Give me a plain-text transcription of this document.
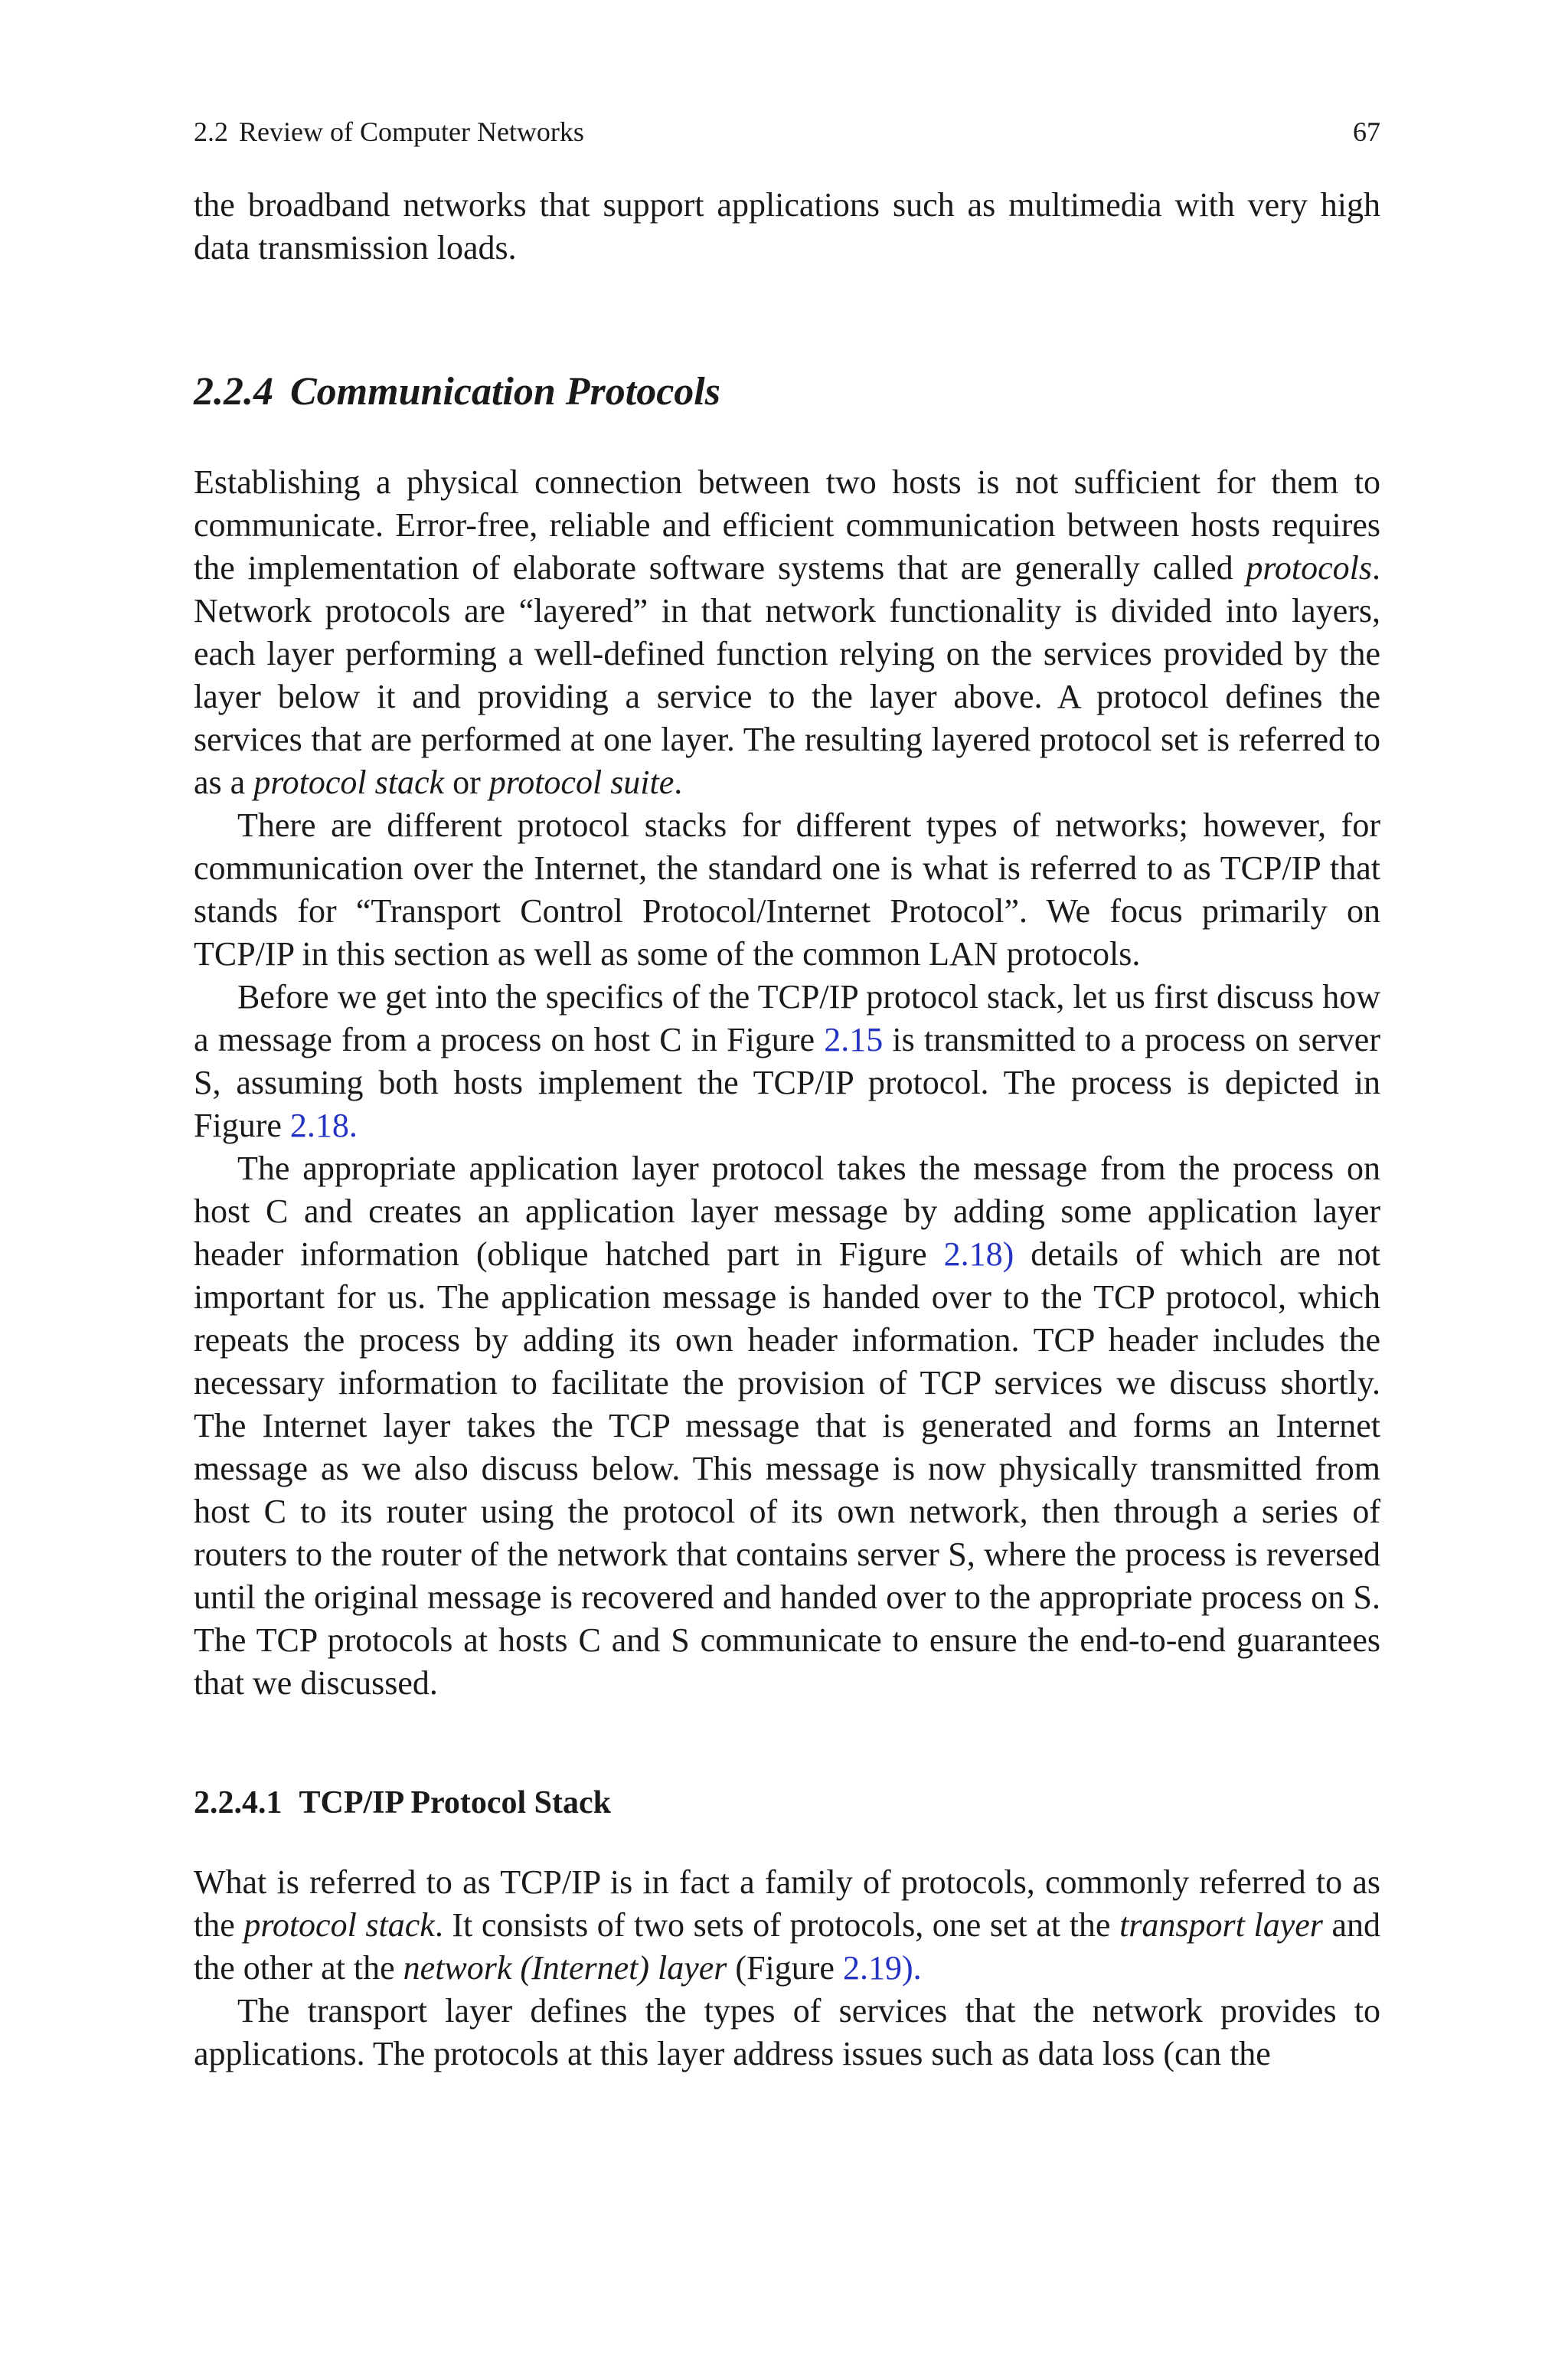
2.2 Review of Computer Networks	67

the broadband networks that support applications such as multimedia with very high data transmission loads.

2.2.4 Communication Protocols

Establishing a physical connection between two hosts is not sufficient for them to communicate. Error-free, reliable and efficient communication between hosts requires the implementation of elaborate software systems that are generally called protocols. Network protocols are “layered” in that network functionality is divided into layers, each layer performing a well-defined function relying on the services provided by the layer below it and providing a service to the layer above. A protocol defines the services that are performed at one layer. The resulting layered protocol set is referred to as a protocol stack or protocol suite.

There are different protocol stacks for different types of networks; however, for communication over the Internet, the standard one is what is referred to as TCP/IP that stands for “Transport Control Protocol/Internet Protocol”. We focus primarily on TCP/IP in this section as well as some of the common LAN protocols.

Before we get into the specifics of the TCP/IP protocol stack, let us first discuss how a message from a process on host C in Figure 2.15 is transmitted to a process on server S, assuming both hosts implement the TCP/IP protocol. The process is depicted in Figure 2.18.

The appropriate application layer protocol takes the message from the process on host C and creates an application layer message by adding some application layer header information (oblique hatched part in Figure 2.18) details of which are not important for us. The application message is handed over to the TCP protocol, which repeats the process by adding its own header information. TCP header includes the necessary information to facilitate the provision of TCP services we discuss shortly. The Internet layer takes the TCP message that is generated and forms an Internet message as we also discuss below. This message is now physically transmitted from host C to its router using the protocol of its own network, then through a series of routers to the router of the network that contains server S, where the process is reversed until the original message is recovered and handed over to the appropriate process on S. The TCP protocols at hosts C and S communicate to ensure the end-to-end guarantees that we discussed.

2.2.4.1 TCP/IP Protocol Stack

What is referred to as TCP/IP is in fact a family of protocols, commonly referred to as the protocol stack. It consists of two sets of protocols, one set at the transport layer and the other at the network (Internet) layer (Figure 2.19).

The transport layer defines the types of services that the network provides to applications. The protocols at this layer address issues such as data loss (can the
